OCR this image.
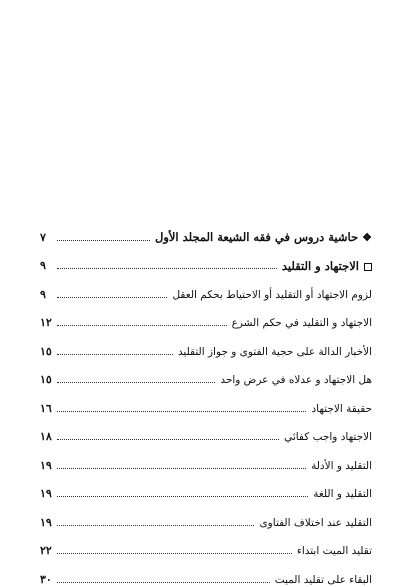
❖حاشية دروس في فقه الشيعة المجلد الأول
٧
الاجتهاد و التقليد
٩
لزوم الاجتهاد أو التقليد أو الاحتياط بحكم العقل
٩
الاجتهاد و التقليد في حكم الشرع
١٢
الأخبار الدالة على حجية الفتوى و جواز التقليد
١٥
هل الاجتهاد و عدلاه في عرض واحد
١٥
حقيقة الاجتهاد
١٦
الاجتهاد واجب كفائي
١٨
التقليد و الأدلة
١٩
التقليد و اللغة
١٩
التقليد عند اختلاف الفتاوى
١٩
تقليد الميت ابتداء
٢٢
البقاء على تقليد الميت
٣٠
